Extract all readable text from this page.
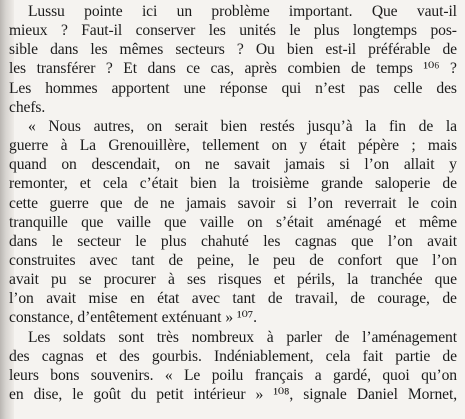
Lussu pointe ici un problème important. Que vaut-il
mieux ? Faut-il conserver les unités le plus longtemps pos-
sible dans les mêmes secteurs ? Ou bien est-il préférable de
les transférer ? Et dans ce cas, après combien de temps ¹⁰⁶ ?
Les hommes apportent une réponse qui n’est pas celle des
chefs.
« Nous autres, on serait bien restés jusqu’à la fin de la
guerre à La Grenouillère, tellement on y était pépère ; mais
quand on descendait, on ne savait jamais si l’on allait y
remonter, et cela c’était bien la troisième grande saloperie de
cette guerre que de ne jamais savoir si l’on reverrait le coin
tranquille que vaille que vaille on s’était aménagé et même
dans le secteur le plus chahuté les cagnas que l’on avait
construites avec tant de peine, le peu de confort que l’on
avait pu se procurer à ses risques et périls, la tranchée que
l’on avait mise en état avec tant de travail, de courage, de
constance, d’entêtement exténuant » ¹⁰⁷.
Les soldats sont très nombreux à parler de l’aménagement
des cagnas et des gourbis. Indéniablement, cela fait partie de
leurs bons souvenirs. « Le poilu français a gardé, quoi qu’on
en dise, le goût du petit intérieur » ¹⁰⁸, signale Daniel Mornet,
